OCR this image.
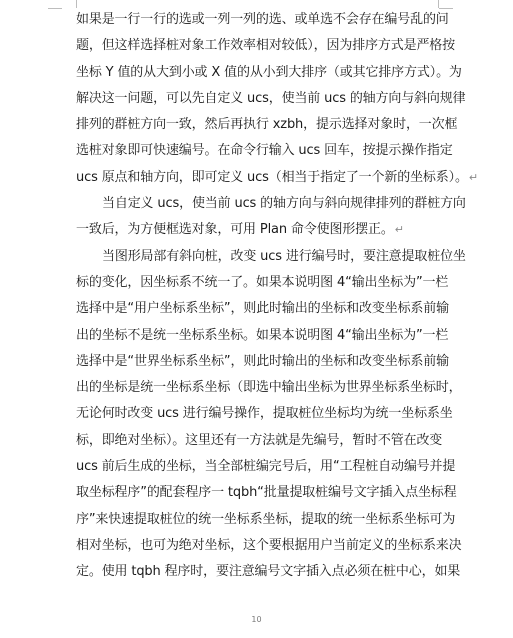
如果是一行一行的选或一列一列的选、或单选不会存在编号乱的问
题，但这样选择桩对象工作效率相对较低），因为排序方式是严格按
坐标 Y 值的从大到小或 X 值的从小到大排序（或其它排序方式）。为
解决这一问题，可以先自定义 ucs，使当前 ucs 的轴方向与斜向规律
排列的群桩方向一致，然后再执行 xzbh，提示选择对象时，一次框
选桩对象即可快速编号。在命令行输入 ucs 回车，按提示操作指定
ucs 原点和轴方向，即可定义 ucs（相当于指定了一个新的坐标系）。↵
当自定义 ucs，使当前 ucs 的轴方向与斜向规律排列的群桩方向
一致后，为方便框选对象，可用 Plan 命令使图形摆正。↵
当图形局部有斜向桩，改变 ucs 进行编号时，要注意提取桩位坐
标的变化，因坐标系不统一了。如果本说明图 4“输出坐标为”一栏
选择中是“用户坐标系坐标”，则此时输出的坐标和改变坐标系前输
出的坐标不是统一坐标系坐标。如果本说明图 4“输出坐标为”一栏
选择中是“世界坐标系坐标”，则此时输出的坐标和改变坐标系前输
出的坐标是统一坐标系坐标（即选中输出坐标为世界坐标系坐标时，
无论何时改变 ucs 进行编号操作，提取桩位坐标均为统一坐标系坐
标，即绝对坐标）。这里还有一方法就是先编号，暂时不管在改变
ucs 前后生成的坐标，当全部桩编完号后，用“工程桩自动编号并提
取坐标程序”的配套程序一 tqbh“批量提取桩编号文字插入点坐标程
序”来快速提取桩位的统一坐标系坐标，提取的统一坐标系坐标可为
相对坐标，也可为绝对坐标，这个要根据用户当前定义的坐标系来决
定。使用 tqbh 程序时，要注意编号文字插入点必须在桩中心，如果
10
